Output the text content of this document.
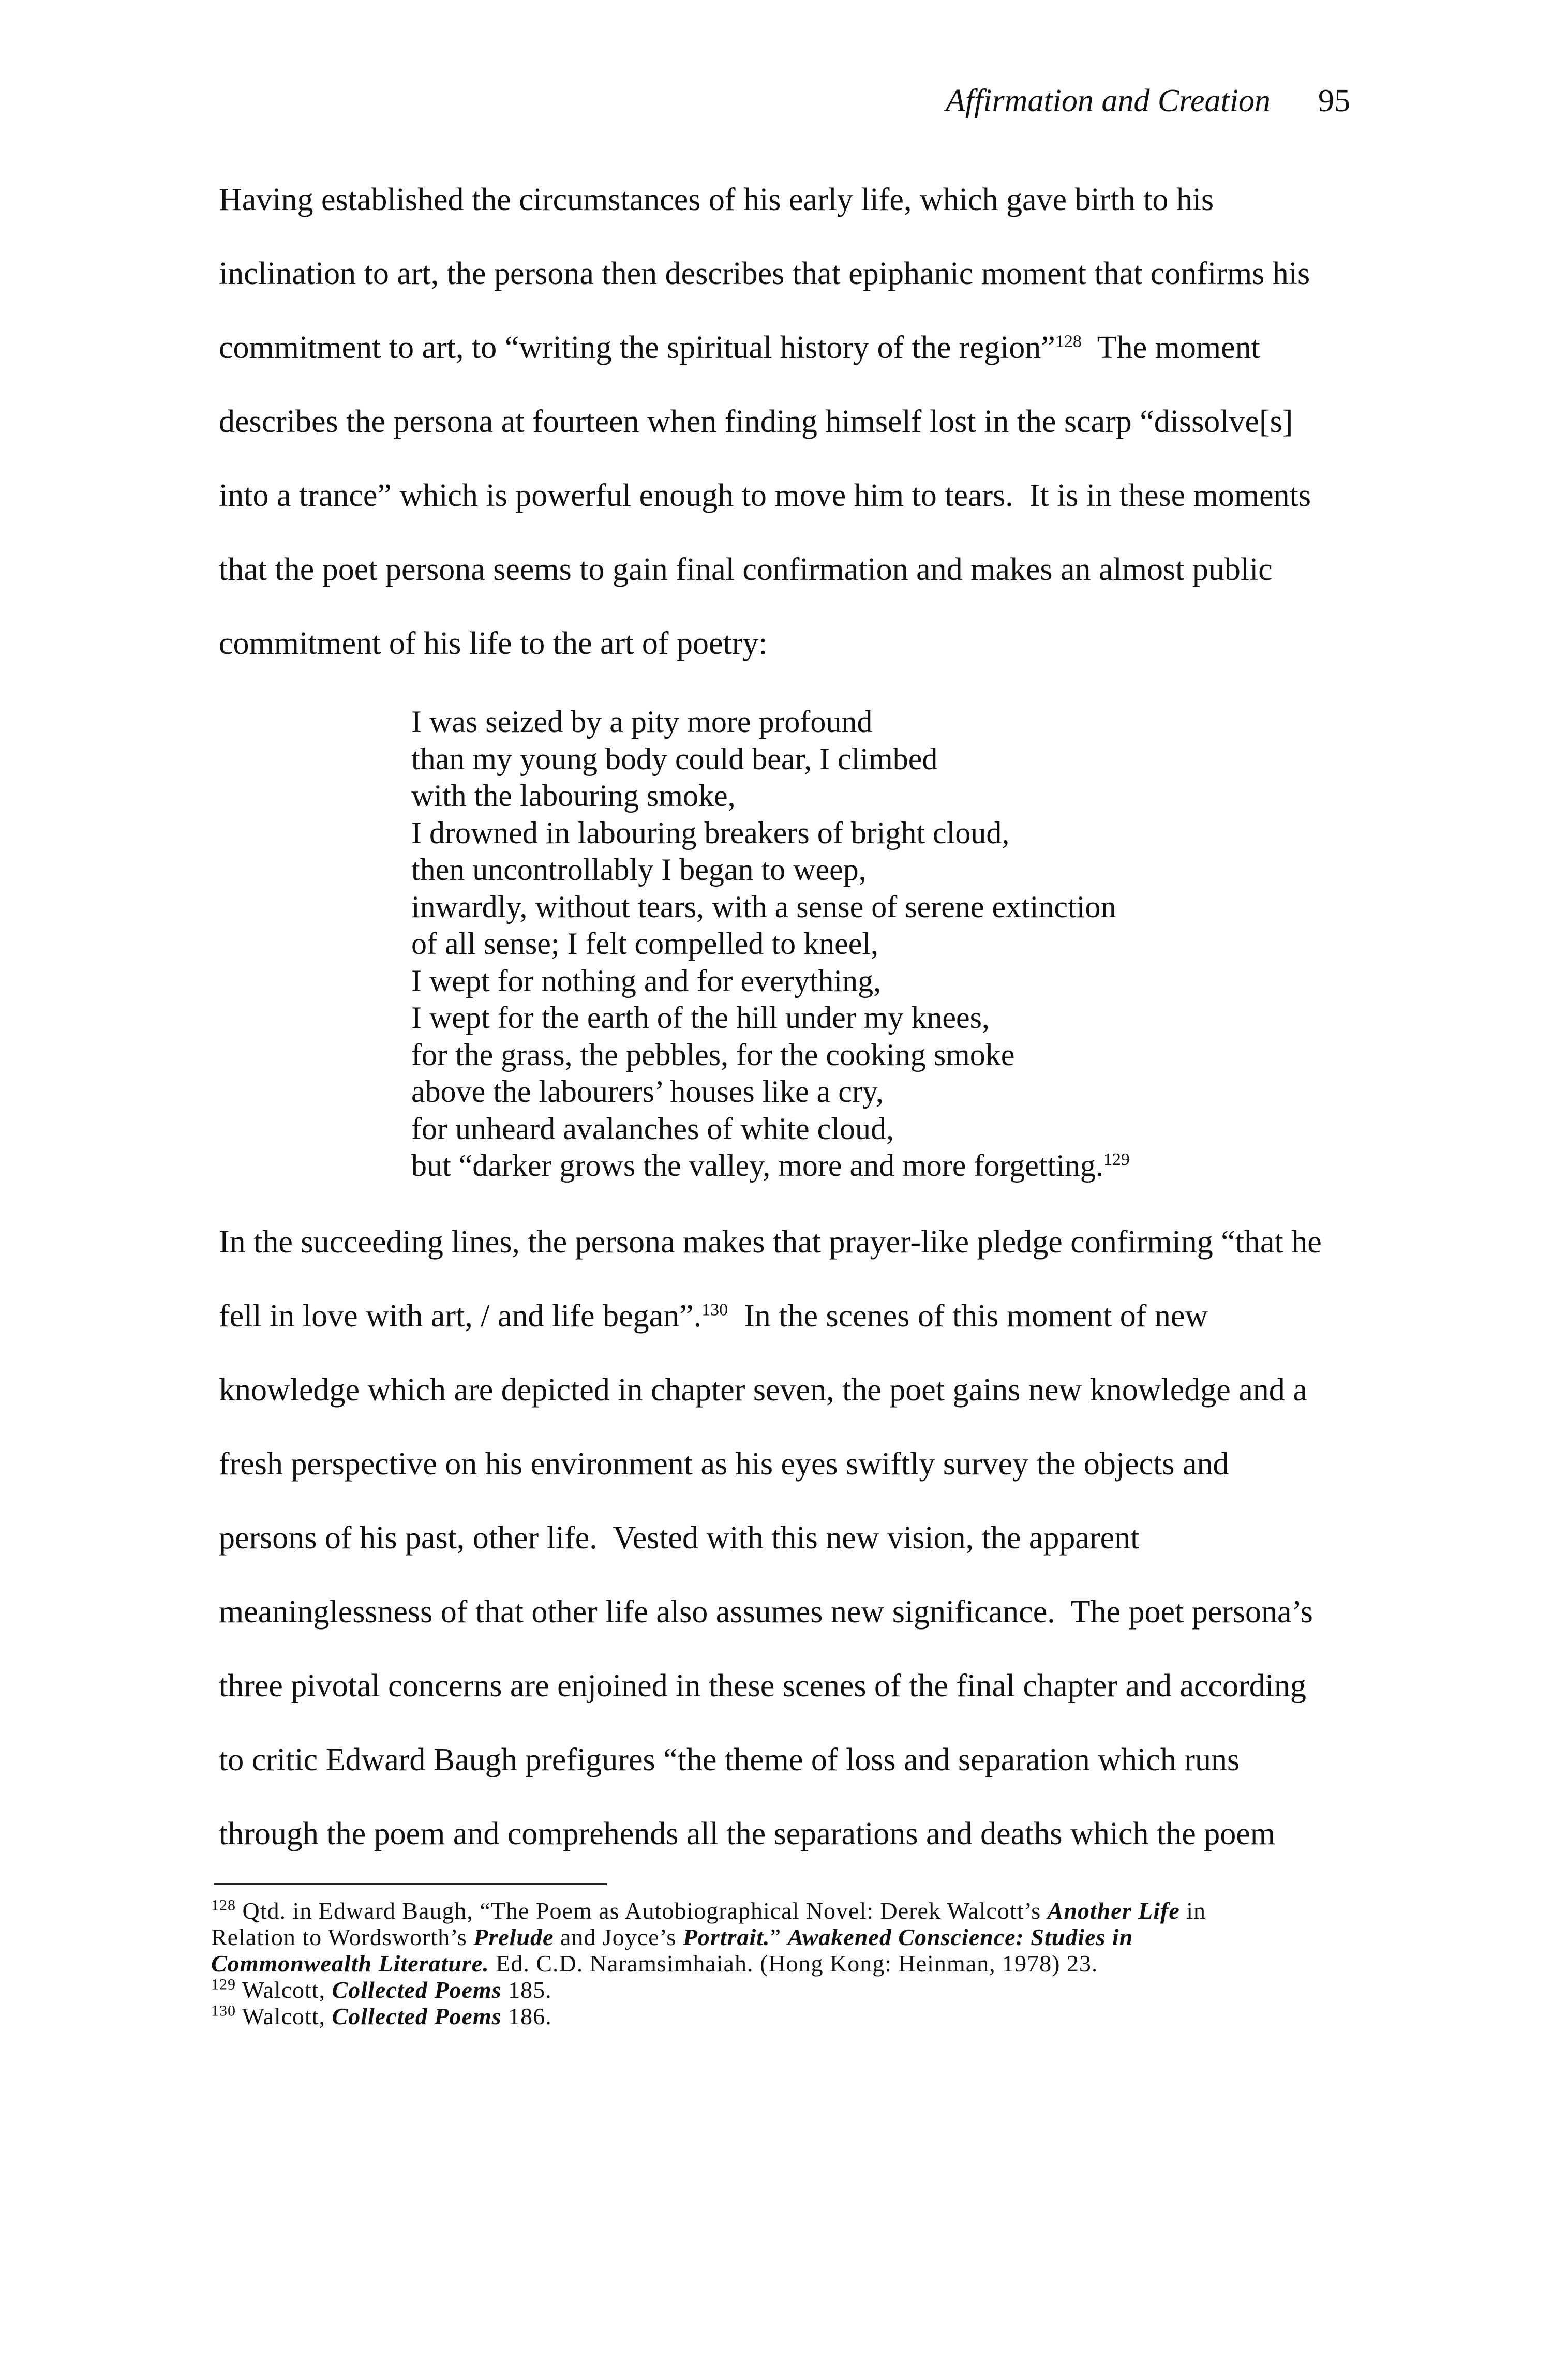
Affirmation and Creation 95

Having established the circumstances of his early life, which gave birth to his
inclination to art, the persona then describes that epiphanic moment that confirms his
commitment to art, to “writing the spiritual history of the region”$^{128}$  The moment
describes the persona at fourteen when finding himself lost in the scarp “dissolve[s]
into a trance” which is powerful enough to move him to tears.  It is in these moments
that the poet persona seems to gain final confirmation and makes an almost public
commitment of his life to the art of poetry:

I was seized by a pity more profound
than my young body could bear, I climbed
with the labouring smoke,
I drowned in labouring breakers of bright cloud,
then uncontrollably I began to weep,
inwardly, without tears, with a sense of serene extinction
of all sense; I felt compelled to kneel,
I wept for nothing and for everything,
I wept for the earth of the hill under my knees,
for the grass, the pebbles, for the cooking smoke
above the labourers’ houses like a cry,
for unheard avalanches of white cloud,
but “darker grows the valley, more and more forgetting.$^{129}$

In the succeeding lines, the persona makes that prayer-like pledge confirming “that he
fell in love with art, / and life began”.$^{130}$  In the scenes of this moment of new
knowledge which are depicted in chapter seven, the poet gains new knowledge and a
fresh perspective on his environment as his eyes swiftly survey the objects and
persons of his past, other life.  Vested with this new vision, the apparent
meaninglessness of that other life also assumes new significance.  The poet persona’s
three pivotal concerns are enjoined in these scenes of the final chapter and according
to critic Edward Baugh prefigures “the theme of loss and separation which runs
through the poem and comprehends all the separations and deaths which the poem

$^{128}$ Qtd. in Edward Baugh, “The Poem as Autobiographical Novel: Derek Walcott’s Another Life in
Relation to Wordsworth’s Prelude and Joyce’s Portrait.” Awakened Conscience: Studies in
Commonwealth Literature. Ed. C.D. Naramsimhaiah. (Hong Kong: Heinman, 1978) 23.
$^{129}$ Walcott, Collected Poems 185.
$^{130}$ Walcott, Collected Poems 186.
